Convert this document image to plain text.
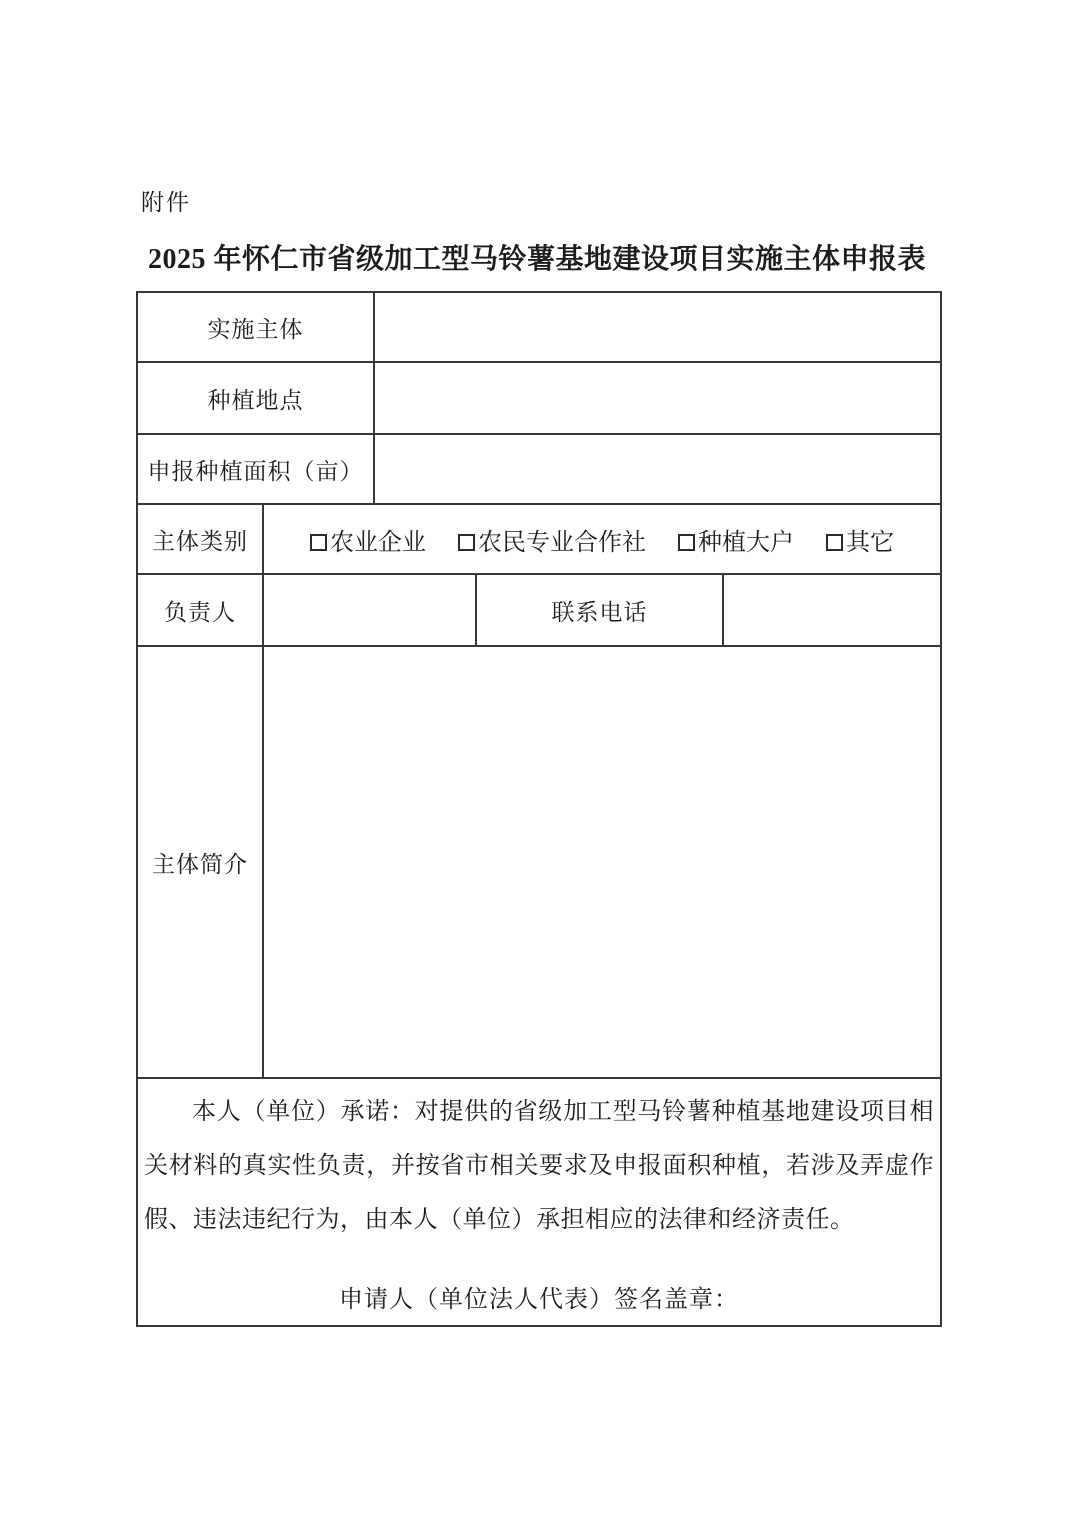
附件
2025 年怀仁市省级加工型马铃薯基地建设项目实施主体申报表
实施主体				
种植地点				
申报种植面积（亩）				
主体类别	农业企业 农民专业合作社 种植大户 其它			
负责人			联系电话	
主体简介				

本人（单位）承诺：对提供的省级加工型马铃薯种植基地建设项目相关材料的真实性负责，并按省市相关要求及申报面积种植，若涉及弄虚作假、违法违纪行为，由本人（单位）承担相应的法律和经济责任。

申请人（单位法人代表）签名盖章：				
